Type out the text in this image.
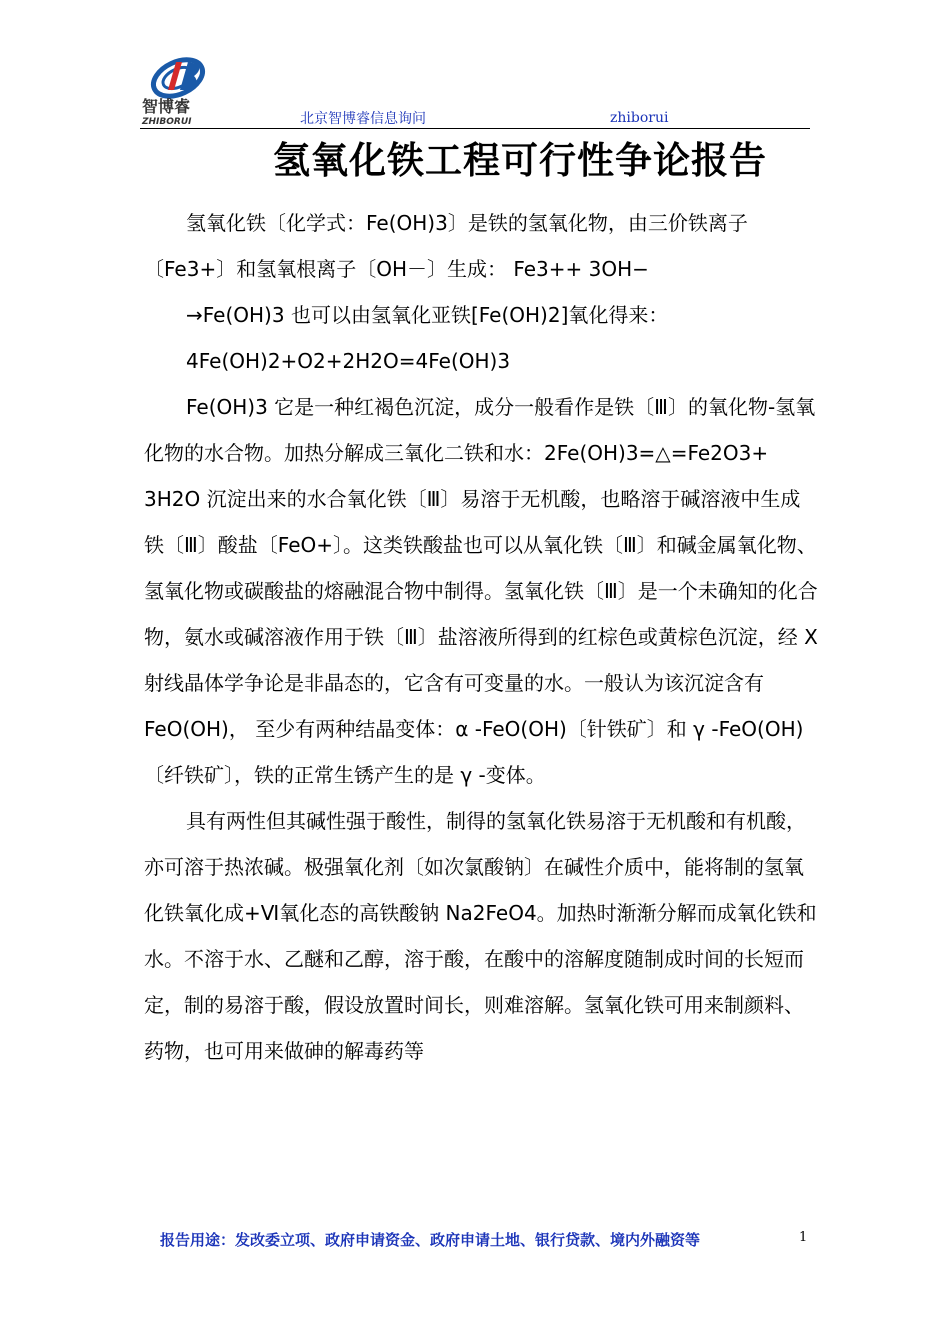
智博睿
ZHIBORUI	北京智博睿信息询问	zhiborui
氢氧化铁工程可行性争论报告

氢氧化铁〔化学式：Fe(OH)3〕是铁的氢氧化物，由三价铁离子〔Fe3+〕和氢氧根离子〔OH－〕生成： Fe3++ 3OH−

→Fe(OH)3 也可以由氢氧化亚铁[Fe(OH)2]氧化得来：

4Fe(OH)2+O2+2H2O=4Fe(OH)3

Fe(OH)3 它是一种红褐色沉淀，成分一般看作是铁〔Ⅲ〕的氧化物-氢氧化物的水合物。加热分解成三氧化二铁和水：2Fe(OH)3=△=Fe2O3+ 3H2O 沉淀出来的水合氧化铁〔Ⅲ〕易溶于无机酸，也略溶于碱溶液中生成铁〔Ⅲ〕酸盐〔FeO+〕。这类铁酸盐也可以从氧化铁〔Ⅲ〕和碱金属氧化物、氢氧化物或碳酸盐的熔融混合物中制得。氢氧化铁〔Ⅲ〕是一个未确知的化合物，氨水或碱溶液作用于铁〔Ⅲ〕盐溶液所得到的红棕色或黄棕色沉淀，经 X 射线晶体学争论是非晶态的，它含有可变量的水。一般认为该沉淀含有 FeO(OH)， 至少有两种结晶变体：α -FeO(OH)〔针铁矿〕和 γ -FeO(OH)〔纤铁矿〕，铁的正常生锈产生的是 γ -变体。

具有两性但其碱性强于酸性，制得的氢氧化铁易溶于无机酸和有机酸，亦可溶于热浓碱。极强氧化剂〔如次氯酸钠〕在碱性介质中，能将制的氢氧化铁氧化成+Ⅵ氧化态的高铁酸钠 Na2FeO4。加热时渐渐分解而成氧化铁和水。不溶于水、乙醚和乙醇，溶于酸，在酸中的溶解度随制成时间的长短而定，制的易溶于酸，假设放置时间长，则难溶解。氢氧化铁可用来制颜料、药物，也可用来做砷的解毒药等

报告用途：发改委立项、政府申请资金、政府申请土地、银行贷款、境内外融资等	1
